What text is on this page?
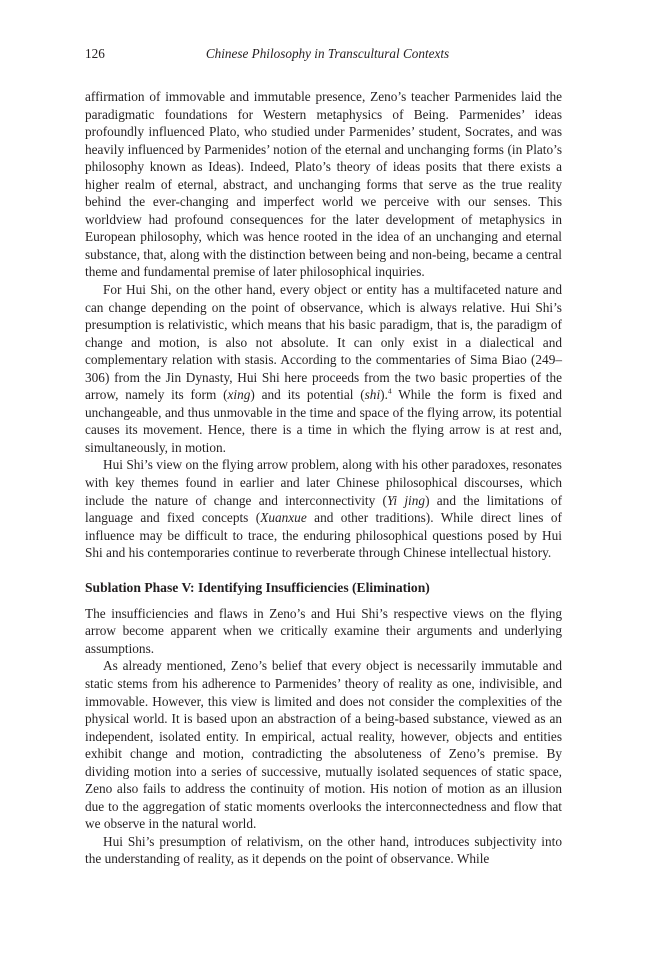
126	Chinese Philosophy in Transcultural Contexts

affirmation of immovable and immutable presence, Zeno’s teacher Parmenides laid the paradigmatic foundations for Western metaphysics of Being. Parmenides’ ideas profoundly influenced Plato, who studied under Parmenides’ student, Socrates, and was heavily influenced by Parmenides’ notion of the eternal and unchanging forms (in Plato’s philosophy known as Ideas). Indeed, Plato’s theory of ideas posits that there exists a higher realm of eternal, abstract, and unchanging forms that serve as the true reality behind the ever-changing and imperfect world we perceive with our senses. This worldview had profound consequences for the later development of metaphysics in European philosophy, which was hence rooted in the idea of an unchanging and eternal substance, that, along with the distinction between being and non-being, became a central theme and fundamental premise of later philosophical inquiries.

For Hui Shi, on the other hand, every object or entity has a multifaceted nature and can change depending on the point of observance, which is always relative. Hui Shi’s presumption is relativistic, which means that his basic paradigm, that is, the paradigm of change and motion, is also not absolute. It can only exist in a dialectical and complementary relation with stasis. According to the commentaries of Sima Biao (249–306) from the Jin Dynasty, Hui Shi here proceeds from the two basic properties of the arrow, namely its form (xing) and its potential (shi).$^4$ While the form is fixed and unchangeable, and thus unmovable in the time and space of the flying arrow, its potential causes its movement. Hence, there is a time in which the flying arrow is at rest and, simultaneously, in motion.

Hui Shi’s view on the flying arrow problem, along with his other paradoxes, resonates with key themes found in earlier and later Chinese philosophical discourses, which include the nature of change and interconnectivity (Yi jing) and the limitations of language and fixed concepts (Xuanxue and other traditions). While direct lines of influence may be difficult to trace, the enduring philosophical questions posed by Hui Shi and his contemporaries continue to reverberate through Chinese intellectual history.

Sublation Phase V: Identifying Insufficiencies (Elimination)

The insufficiencies and flaws in Zeno’s and Hui Shi’s respective views on the flying arrow become apparent when we critically examine their arguments and underlying assumptions.

As already mentioned, Zeno’s belief that every object is necessarily immutable and static stems from his adherence to Parmenides’ theory of reality as one, indivisible, and immovable. However, this view is limited and does not consider the complexities of the physical world. It is based upon an abstraction of a being-based substance, viewed as an independent, isolated entity. In empirical, actual reality, however, objects and entities exhibit change and motion, contradicting the absoluteness of Zeno’s premise. By dividing motion into a series of successive, mutually isolated sequences of static space, Zeno also fails to address the continuity of motion. His notion of motion as an illusion due to the aggregation of static moments overlooks the interconnectedness and flow that we observe in the natural world.

Hui Shi’s presumption of relativism, on the other hand, introduces subjectivity into the understanding of reality, as it depends on the point of observance. While
